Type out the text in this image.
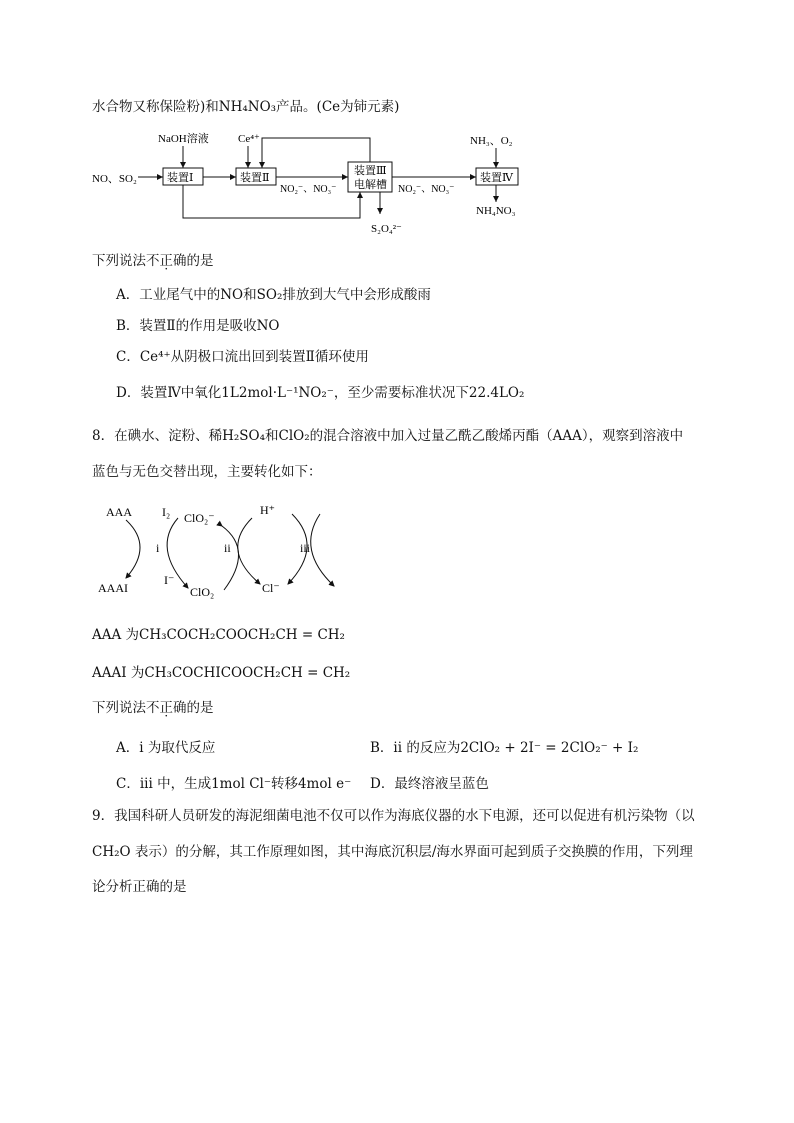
水合物又称保险粉)和NH₄NO₃产品。(Ce为铈元素)
NaOH溶液	Ce⁴⁺	NH₃、O₂
NO、SO₂	装置Ⅰ	装置Ⅱ
装置Ⅲ
电解槽
装置Ⅳ
NO₂⁻、NO₃⁻	NO₂⁻、NO₃⁻
S₂O₄²⁻
NH₄NO₃
下列说法不正确的是
A．工业尾气中的NO和SO₂排放到大气中会形成酸雨
B．装置Ⅱ的作用是吸收NO
C．Ce⁴⁺从阴极口流出回到装置Ⅱ循环使用
D．装置Ⅳ中氧化1L2mol·L⁻¹NO₂⁻，至少需要标准状况下22.4LO₂
8．在碘水、淀粉、稀H₂SO₄和ClO₂的混合溶液中加入过量乙酰乙酸烯丙酯（AAA），观察到溶液中
蓝色与无色交替出现，主要转化如下：
AAA
AAAI
I₂
I⁻
ClO₂⁻
ClO₂
H⁺
Cl⁻
i	ii	iii
AAA 为CH₃COCH₂COOCH₂CH = CH₂
AAAI 为CH₃COCHICOOCH₂CH = CH₂
下列说法不正确的是
A．i 为取代反应	B．ii 的反应为2ClO₂ + 2I⁻ = 2ClO₂⁻ + I₂
C．iii 中，生成1mol Cl⁻转移4mol e⁻ D．最终溶液呈蓝色
9．我国科研人员研发的海泥细菌电池不仅可以作为海底仪器的水下电源，还可以促进有机污染物（以
CH₂O 表示）的分解，其工作原理如图，其中海底沉积层/海水界面可起到质子交换膜的作用，下列理
论分析正确的是
